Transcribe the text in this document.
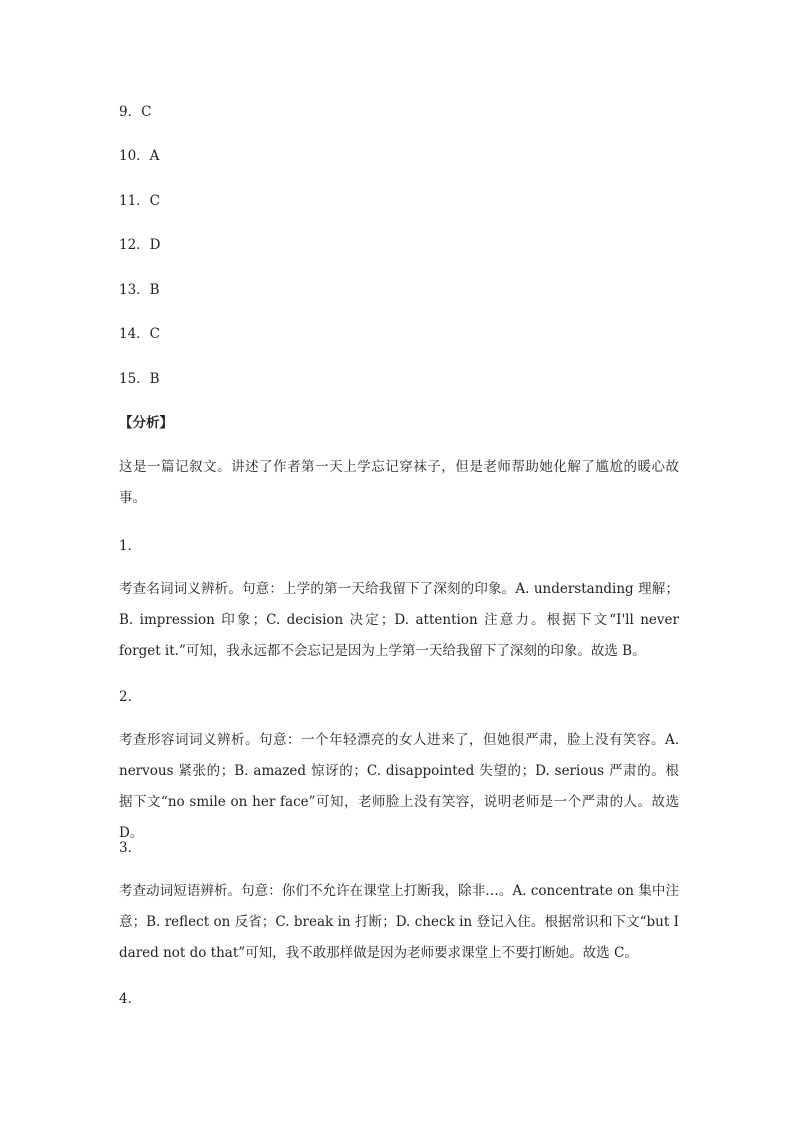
9．C
10．A
11．C
12．D
13．B
14．C
15．B
【分析】
这是一篇记叙文。讲述了作者第一天上学忘记穿袜子，但是老师帮助她化解了尴尬的暖心故事。
1．
考查名词词义辨析。句意：上学的第一天给我留下了深刻的印象。A. understanding 理解；B. impression 印象；C. decision 决定；D. attention 注意力。根据下文“I'll never forget it.”可知，我永远都不会忘记是因为上学第一天给我留下了深刻的印象。故选 B。
2．
考查形容词词义辨析。句意：一个年轻漂亮的女人进来了，但她很严肃，脸上没有笑容。A. nervous 紧张的；B. amazed 惊讶的；C. disappointed 失望的；D. serious 严肃的。根据下文“no smile on her face”可知，老师脸上没有笑容，说明老师是一个严肃的人。故选 D。
3．
考查动词短语辨析。句意：你们不允许在课堂上打断我，除非…。A. concentrate on 集中注意；B. reflect on 反省；C. break in 打断；D. check in 登记入住。根据常识和下文“but I dared not do that”可知，我不敢那样做是因为老师要求课堂上不要打断她。故选 C。
4．
